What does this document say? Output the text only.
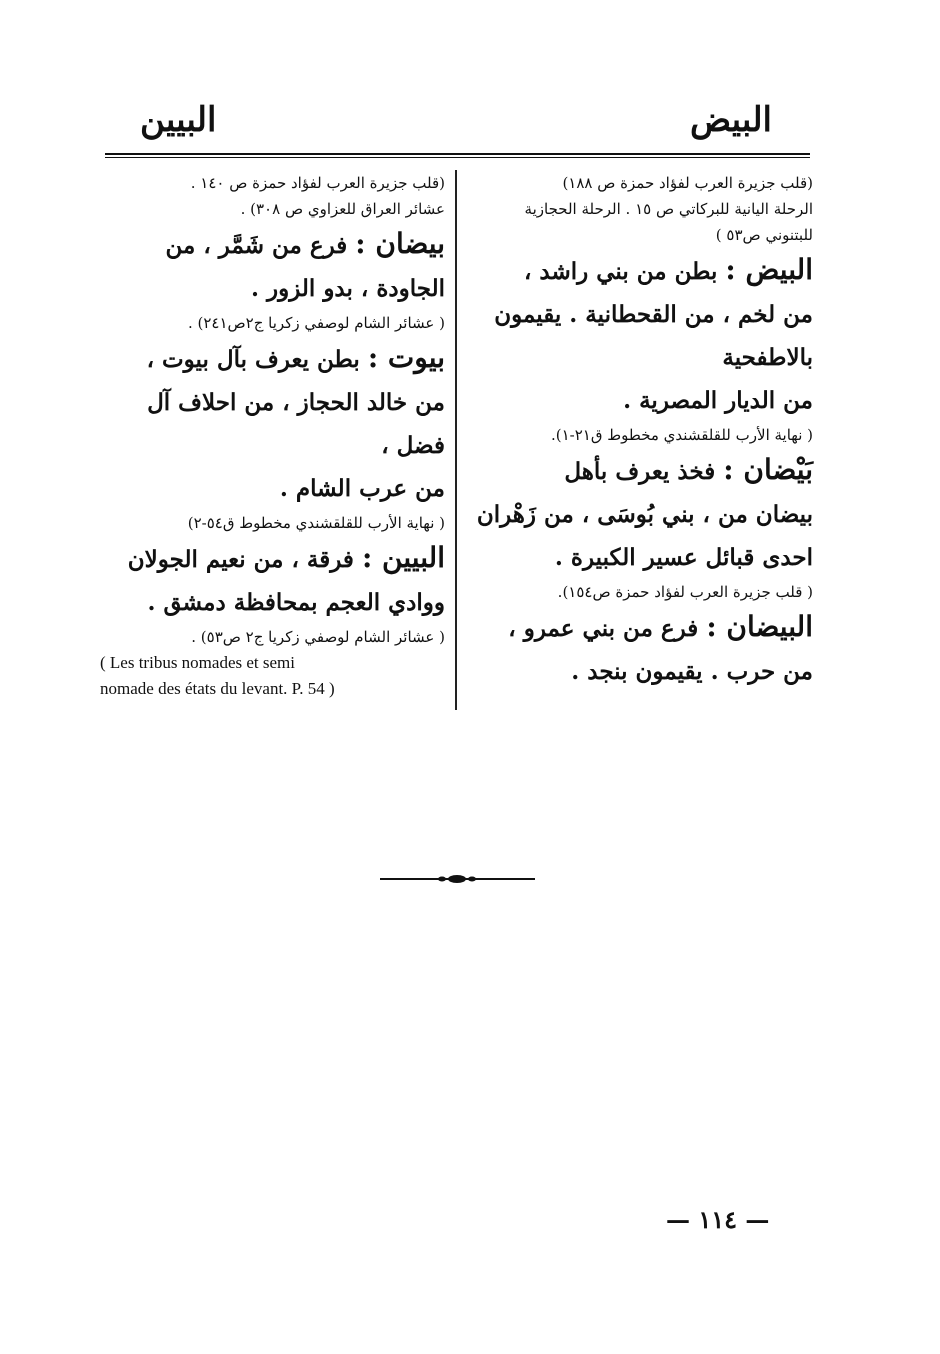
البيض
البيين

(قلب جزيرة العرب لفؤاد حمزة ص ١٨٨)

الرحلة اليانية للبركاتي ص ١٥ . الرحلة الحجازية

للبتنوني ص٥٣ )

البيض : بطن من بني راشد ،

من لخم ، من القحطانية . يقيمون بالاطفحية

من الديار المصرية .

( نهاية الأرب للقلقشندي مخطوط ق٢١-١).

بَيْضان : فخذ يعرف بأهل

بيضان من ، بني بُوسَى ، من زَهْران

احدى قبائل عسير الكبيرة .

( قلب جزيرة العرب لفؤاد حمزة ص١٥٤).

البيضان : فرع من بني عمرو ،

من حرب . يقيمون بنجد .

(قلب جزيرة العرب لفؤاد حمزة ص ١٤٠ .

عشائر العراق للعزاوي ص ٣٠٨) .

بيضان : فرع من شَمَّر ، من

الجاودة ، بدو الزور .

( عشائر الشام لوصفي زكريا ج٢ص٢٤١) .

بيوت : بطن يعرف بآل بيوت ،

من خالد الحجاز ، من احلاف آل فضل ،

من عرب الشام .

( نهاية الأرب للقلقشندي مخطوط ق٥٤-٢)

البيين : فرقة ، من نعيم الجولان

ووادي العجم بمحافظة دمشق .

( عشائر الشام لوصفي زكريا ج٢ ص٥٣) .

( Les tribus nomades et semi

nomade des états du levant. P. 54 )

— ١١٤ —
